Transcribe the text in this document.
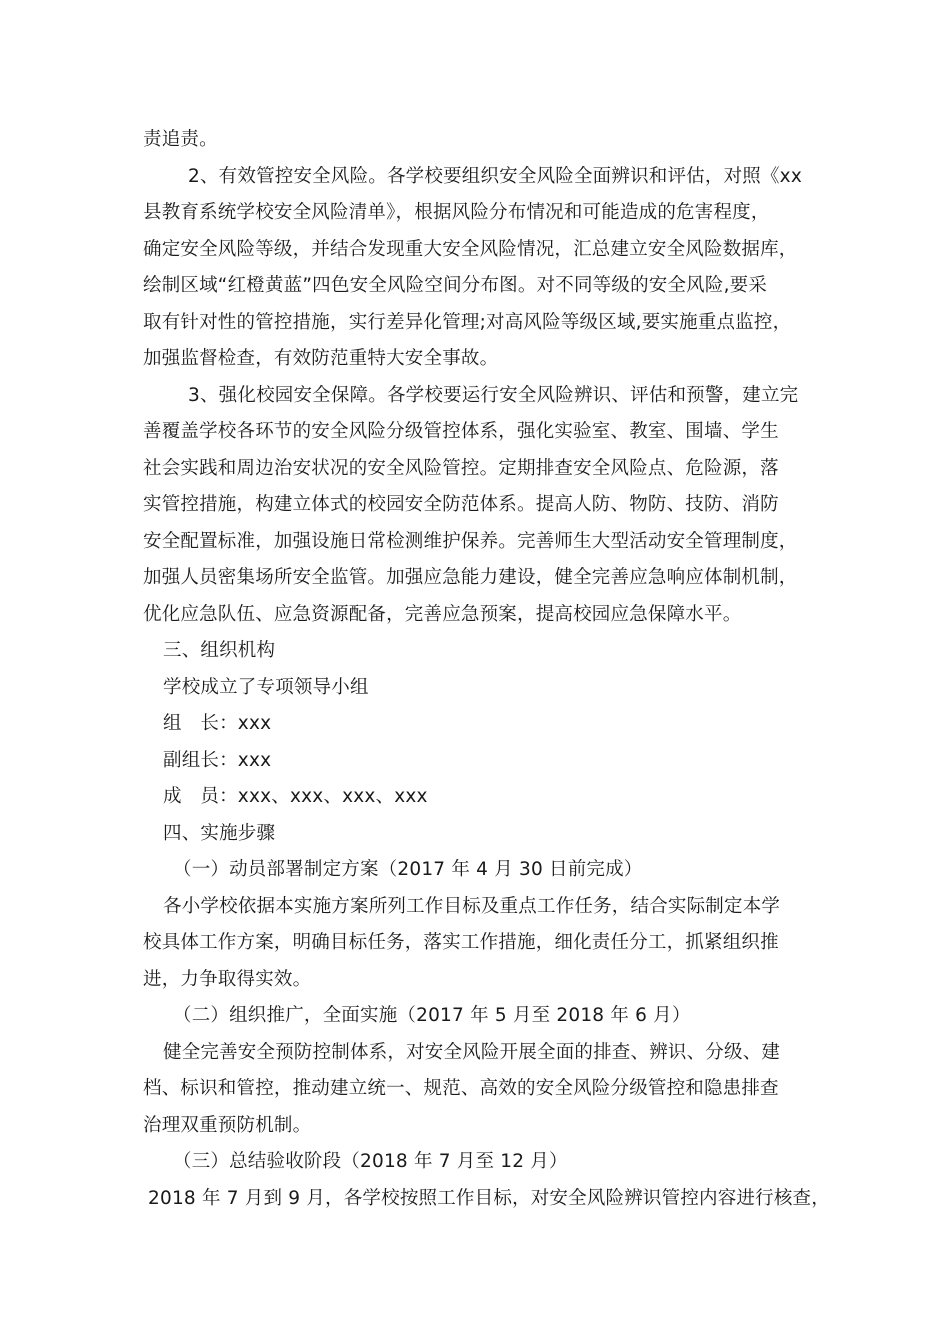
责追责。
2、有效管控安全风险。各学校要组织安全风险全面辨识和评估，对照《xx
县教育系统学校安全风险清单》，根据风险分布情况和可能造成的危害程度，
确定安全风险等级，并结合发现重大安全风险情况，汇总建立安全风险数据库，
绘制区域“红橙黄蓝”四色安全风险空间分布图。对不同等级的安全风险,要采
取有针对性的管控措施，实行差异化管理;对高风险等级区域,要实施重点监控，
加强监督检查，有效防范重特大安全事故。
3、强化校园安全保障。各学校要运行安全风险辨识、评估和预警，建立完
善覆盖学校各环节的安全风险分级管控体系，强化实验室、教室、围墙、学生
社会实践和周边治安状况的安全风险管控。定期排查安全风险点、危险源，落
实管控措施，构建立体式的校园安全防范体系。提高人防、物防、技防、消防
安全配置标准，加强设施日常检测维护保养。完善师生大型活动安全管理制度，
加强人员密集场所安全监管。加强应急能力建设，健全完善应急响应体制机制，
优化应急队伍、应急资源配备，完善应急预案，提高校园应急保障水平。
三、组织机构
学校成立了专项领导小组
组　长：xxx
副组长：xxx
成　员：xxx、xxx、xxx、xxx
四、实施步骤
（一）动员部署制定方案（2017 年 4 月 30 日前完成）
各小学校依据本实施方案所列工作目标及重点工作任务，结合实际制定本学
校具体工作方案，明确目标任务，落实工作措施，细化责任分工，抓紧组织推
进，力争取得实效。
（二）组织推广，全面实施（2017 年 5 月至 2018 年 6 月）
健全完善安全预防控制体系，对安全风险开展全面的排查、辨识、分级、建
档、标识和管控，推动建立统一、规范、高效的安全风险分级管控和隐患排查
治理双重预防机制。
（三）总结验收阶段（2018 年 7 月至 12 月）
2018 年 7 月到 9 月，各学校按照工作目标，对安全风险辨识管控内容进行核查，
